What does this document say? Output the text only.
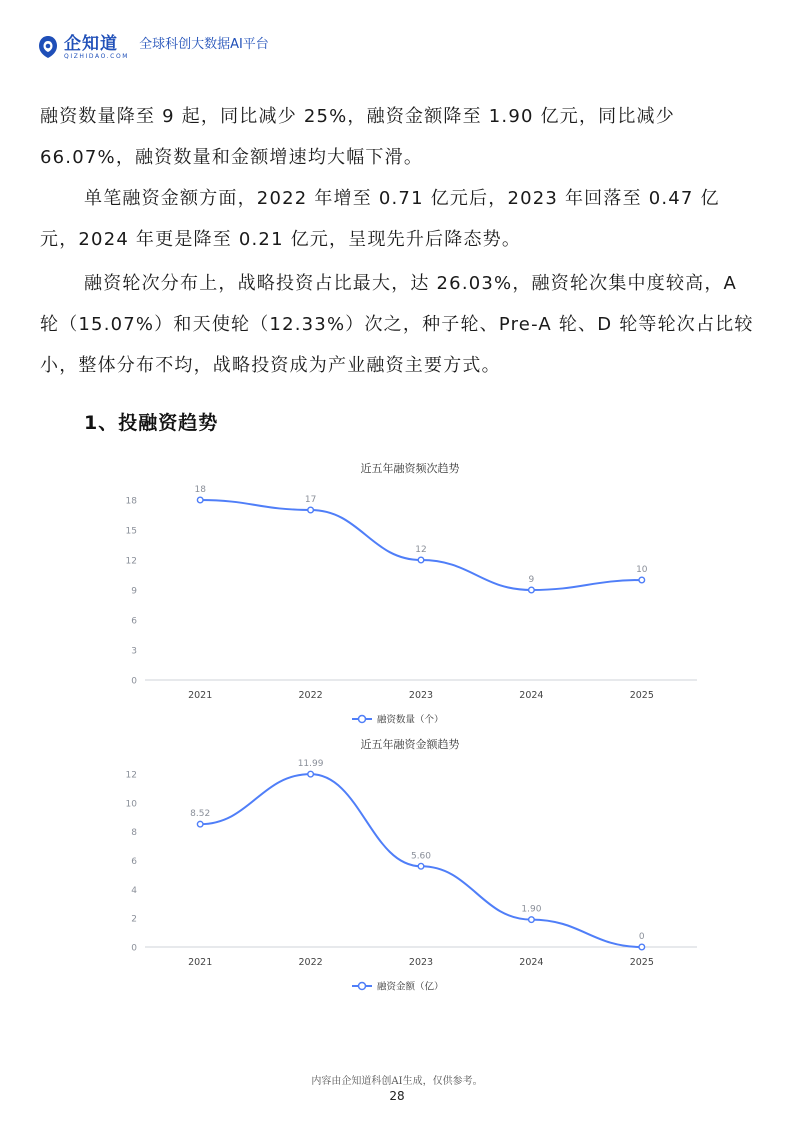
企知道
QIZHIDAO.COM
全球科创大数据AI平台

融资数量降至 9 起，同比减少 25%，融资金额降至 1.90 亿元，同比减少 66.07%，融资数量和金额增速均大幅下滑。

单笔融资金额方面，2022 年增至 0.71 亿元后，2023 年回落至 0.47 亿元，2024 年更是降至 0.21 亿元，呈现先升后降态势。

融资轮次分布上，战略投资占比最大，达 26.03%，融资轮次集中度较高，A 轮（15.07%）和天使轮（12.33%）次之，种子轮、Pre-A 轮、D 轮等轮次占比较小，整体分布不均，战略投资成为产业融资主要方式。

1、投融资趋势
近五年融资频次趋势
0
3
6
9
12
15
18
2021	2022	2023	2024	2025
18
17
12
9
10
融资数量（个）
近五年融资金额趋势
0
2
4
6
8
10
12
2021	2022	2023	2024	2025
8.52
11.99
5.60
1.90
0
融资金额（亿）
内容由企知道科创AI生成，仅供参考。
28
